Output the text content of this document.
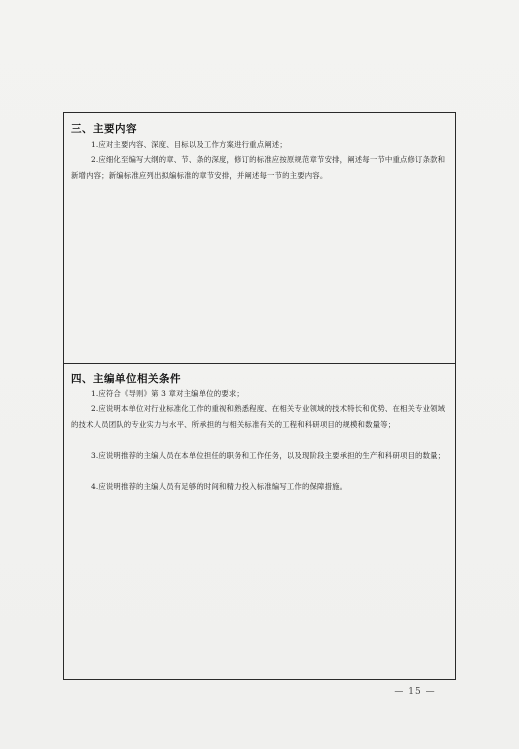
三、主要内容
1.应对主要内容、深度、目标以及工作方案进行重点阐述；
2.应细化至编写大纲的章、节、条的深度，修订的标准应按原规范章节安排，阐述每一节中重点修订条款和新增内容；新编标准应列出拟编标准的章节安排，并阐述每一节的主要内容。
四、主编单位相关条件
1.应符合《导则》第 3 章对主编单位的要求；
2.应说明本单位对行业标准化工作的重视和熟悉程度、在相关专业领域的技术特长和优势、在相关专业领域的技术人员团队的专业实力与水平、所承担的与相关标准有关的工程和科研项目的规模和数量等；
3.应说明推荐的主编人员在本单位担任的职务和工作任务，以及现阶段主要承担的生产和科研项目的数量；
4.应说明推荐的主编人员有足够的时间和精力投入标准编写工作的保障措施。
— 15 —
